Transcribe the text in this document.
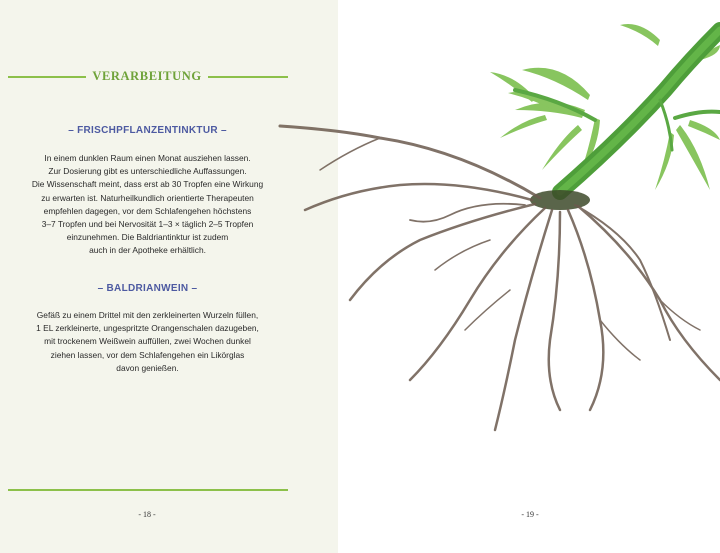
VERARBEITUNG
– FRISCHPFLANZENTINKTUR –
In einem dunklen Raum einen Monat ausziehen lassen.
Zur Dosierung gibt es unterschiedliche Auffassungen.
Die Wissenschaft meint, dass erst ab 30 Tropfen eine Wirkung
zu erwarten ist. Naturheilkundlich orientierte Therapeuten
empfehlen dagegen, vor dem Schlafengehen höchstens
3–7 Tropfen und bei Nervosität 1–3 × täglich 2–5 Tropfen
einzunehmen. Die Baldriantinktur ist zudem
auch in der Apotheke erhältlich.
– BALDRIANWEIN –
Gefäß zu einem Drittel mit den zerkleinerten Wurzeln füllen,
1 EL zerkleinerte, ungespritzte Orangenschalen dazugeben,
mit trockenem Weißwein auffüllen, zwei Wochen dunkel
ziehen lassen, vor dem Schlafengehen ein Likörglas
davon genießen.
- 18 -	- 19 -
